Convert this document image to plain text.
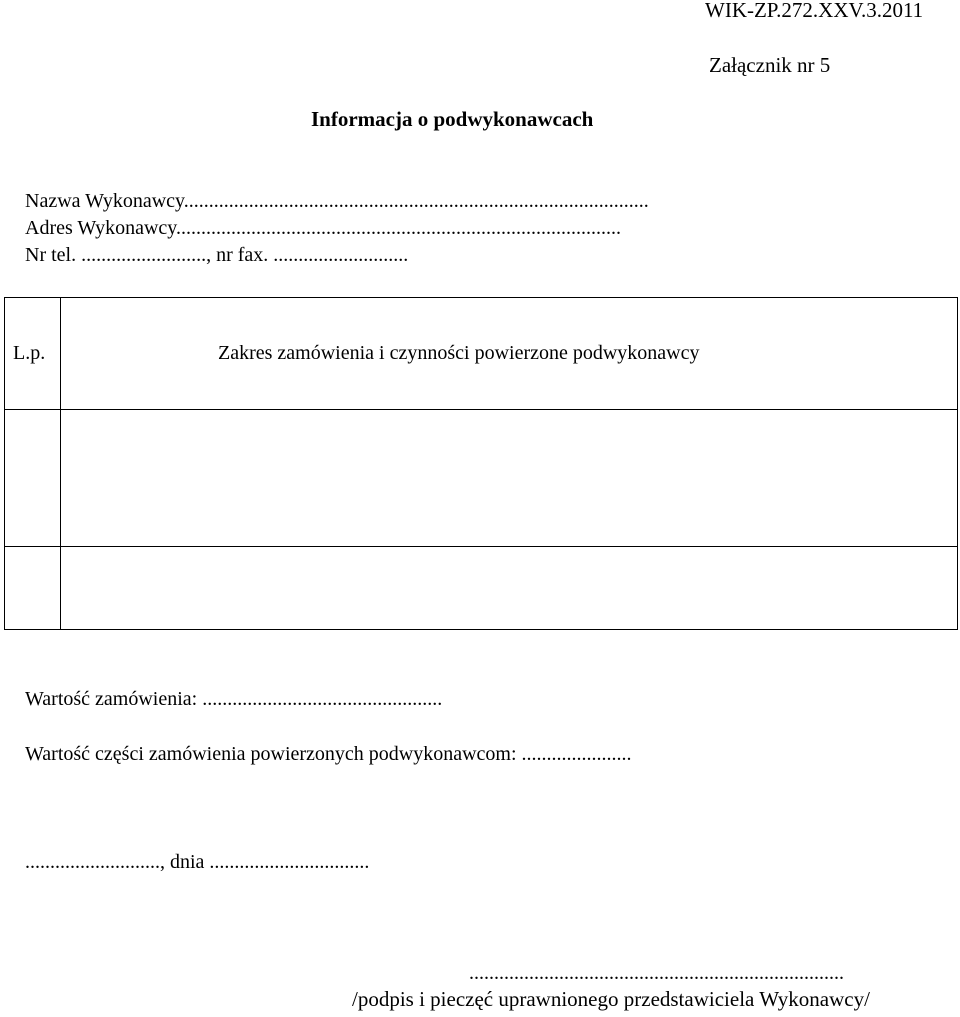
WIK-ZP.272.XXV.3.2011
Załącznik nr 5
Informacja o podwykonawcach
Nazwa Wykonawcy.............................................................................................
Adres Wykonawcy.........................................................................................
Nr tel. ........................., nr fax. ...........................
L.p.	Zakres zamówienia i czynności powierzone podwykonawcy

Wartość zamówienia: ................................................
Wartość części zamówienia powierzonych podwykonawcom: ......................
..........................., dnia ................................
...........................................................................
/podpis i pieczęć uprawnionego przedstawiciela Wykonawcy/
